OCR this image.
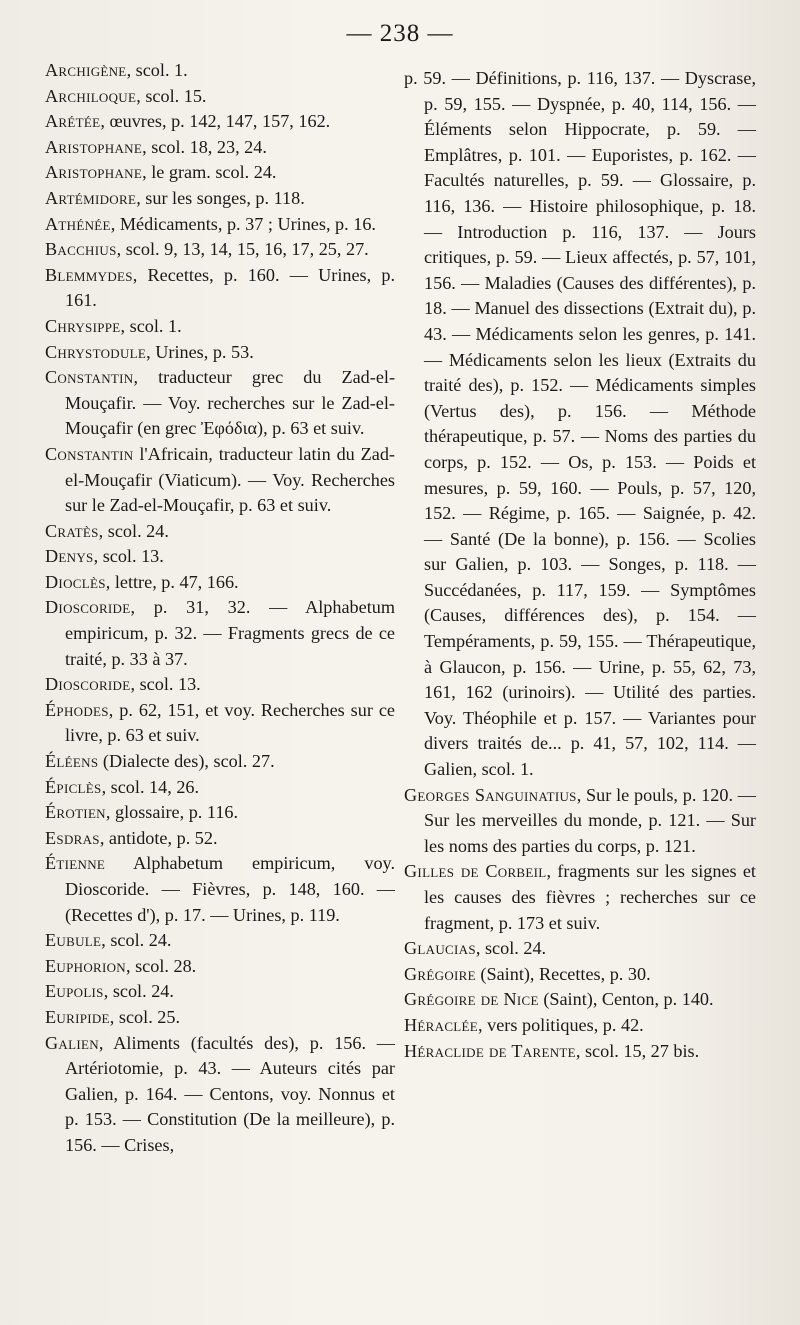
— 238 —

Archigène, scol. 1.

Archiloque, scol. 15.

Arétée, œuvres, p. 142, 147, 157, 162.

Aristophane, scol. 18, 23, 24.

Aristophane, le gram. scol. 24.

Artémidore, sur les songes, p. 118.

Athénée, Médicaments, p. 37 ; Urines, p. 16.

Bacchius, scol. 9, 13, 14, 15, 16, 17, 25, 27.

Blemmydes, Recettes, p. 160. — Urines, p. 161.

Chrysippe, scol. 1.

Chrystodule, Urines, p. 53.

Constantin, traducteur grec du Zad-el-Mouçafir. — Voy. recherches sur le Zad-el-Mouçafir (en grec Ἐφόδια), p. 63 et suiv.

Constantin l'Africain, traducteur latin du Zad-el-Mouçafir (Viaticum). — Voy. Recherches sur le Zad-el-Mouçafir, p. 63 et suiv.

Cratès, scol. 24.

Denys, scol. 13.

Dioclès, lettre, p. 47, 166.

Dioscoride, p. 31, 32. — Alphabetum empiricum, p. 32. — Fragments grecs de ce traité, p. 33 à 37.

Dioscoride, scol. 13.

Éphodes, p. 62, 151, et voy. Recherches sur ce livre, p. 63 et suiv.

Éléens (Dialecte des), scol. 27.

Épiclès, scol. 14, 26.

Érotien, glossaire, p. 116.

Esdras, antidote, p. 52.

Étienne Alphabetum empiricum, voy. Dioscoride. — Fièvres, p. 148, 160. — (Recettes d'), p. 17. — Urines, p. 119.

Eubule, scol. 24.

Euphorion, scol. 28.

Eupolis, scol. 24.

Euripide, scol. 25.

Galien, Aliments (facultés des), p. 156. — Artériotomie, p. 43. — Auteurs cités par Galien, p. 164. — Centons, voy. Nonnus et p. 153. — Constitution (De la meilleure), p. 156. — Crises,

p. 59. — Définitions, p. 116, 137. — Dyscrase, p. 59, 155. — Dyspnée, p. 40, 114, 156. — Éléments selon Hippocrate, p. 59. — Emplâtres, p. 101. — Euporistes, p. 162. — Facultés naturelles, p. 59. — Glossaire, p. 116, 136. — Histoire philosophique, p. 18. — Introduction p. 116, 137. — Jours critiques, p. 59. — Lieux affectés, p. 57, 101, 156. — Maladies (Causes des différentes), p. 18. — Manuel des dissections (Extrait du), p. 43. — Médicaments selon les genres, p. 141. — Médicaments selon les lieux (Extraits du traité des), p. 152. — Médicaments simples (Vertus des), p. 156. — Méthode thérapeutique, p. 57. — Noms des parties du corps, p. 152. — Os, p. 153. — Poids et mesures, p. 59, 160. — Pouls, p. 57, 120, 152. — Régime, p. 165. — Saignée, p. 42. — Santé (De la bonne), p. 156. — Scolies sur Galien, p. 103. — Songes, p. 118. — Succédanées, p. 117, 159. — Symptômes (Causes, différences des), p. 154. — Tempéraments, p. 59, 155. — Thérapeutique, à Glaucon, p. 156. — Urine, p. 55, 62, 73, 161, 162 (urinoirs). — Utilité des parties. Voy. Théophile et p. 157. — Variantes pour divers traités de... p. 41, 57, 102, 114. — Galien, scol. 1.

Georges Sanguinatius, Sur le pouls, p. 120. — Sur les merveilles du monde, p. 121. — Sur les noms des parties du corps, p. 121.

Gilles de Corbeil, fragments sur les signes et les causes des fièvres ; recherches sur ce fragment, p. 173 et suiv.

Glaucias, scol. 24.

Grégoire (Saint), Recettes, p. 30.

Grégoire de Nice (Saint), Centon, p. 140.

Héraclée, vers politiques, p. 42.

Héraclide de Tarente, scol. 15, 27 bis.
